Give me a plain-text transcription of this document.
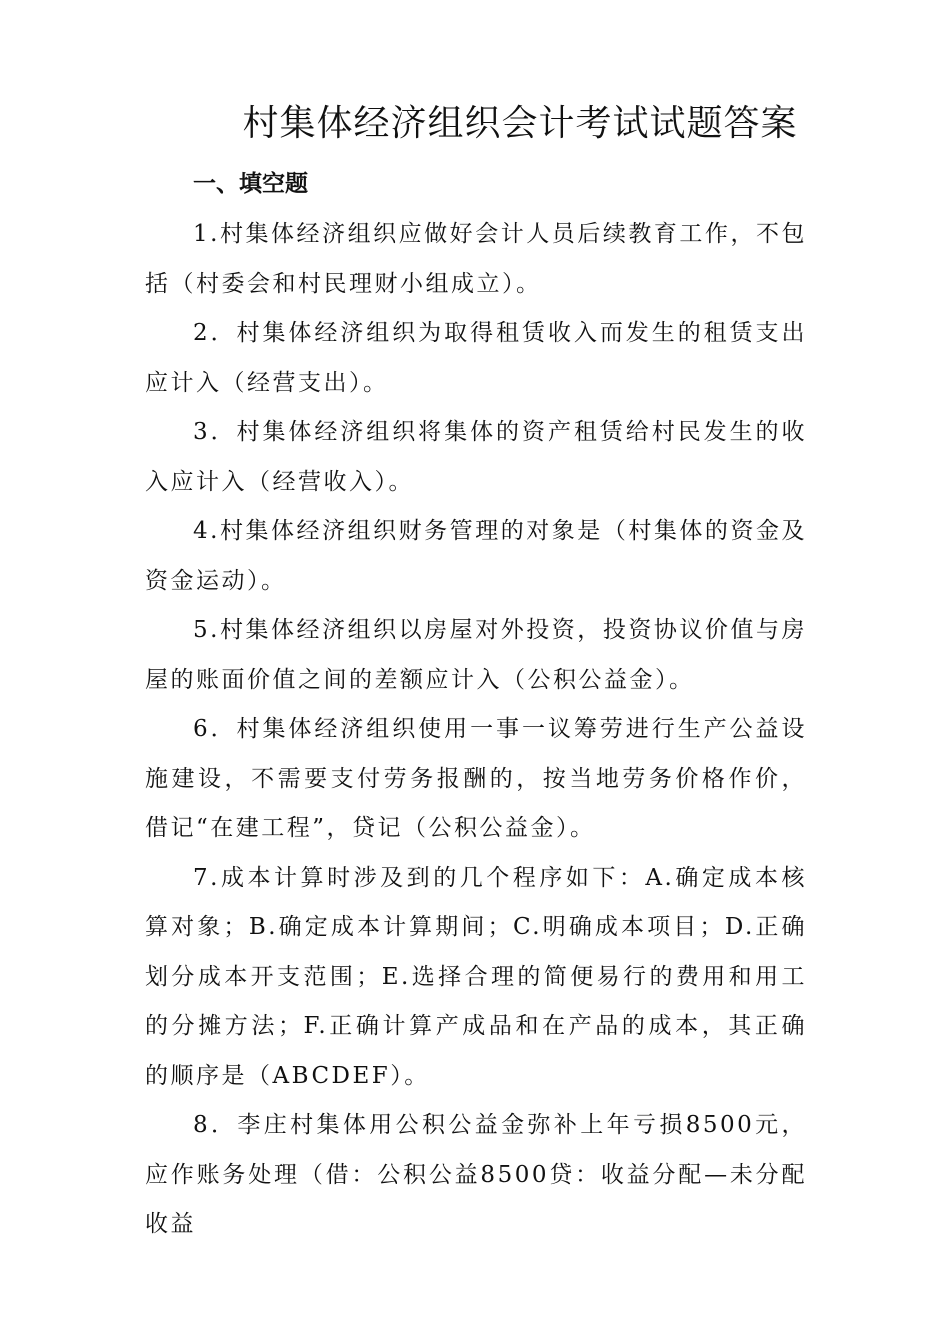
村集体经济组织会计考试试题答案
一、填空题

1.村集体经济组织应做好会计人员后续教育工作，不包括（村委会和村民理财小组成立）。

2．村集体经济组织为取得租赁收入而发生的租赁支出应计入（经营支出）。

3．村集体经济组织将集体的资产租赁给村民发生的收入应计入（经营收入）。

4.村集体经济组织财务管理的对象是（村集体的资金及资金运动）。

5.村集体经济组织以房屋对外投资，投资协议价值与房屋的账面价值之间的差额应计入（公积公益金）。

6．村集体经济组织使用一事一议筹劳进行生产公益设施建设，不需要支付劳务报酬的，按当地劳务价格作价，借记“在建工程”，贷记（公积公益金）。

7.成本计算时涉及到的几个程序如下：A.确定成本核算对象；B.确定成本计算期间；C.明确成本项目；D.正确划分成本开支范围；E.选择合理的简便易行的费用和用工的分摊方法；F.正确计算产成品和在产品的成本，其正确的顺序是（ABCDEF）。

8．李庄村集体用公积公益金弥补上年亏损8500元，应作账务处理（借：公积公益8500贷：收益分配—未分配收益
